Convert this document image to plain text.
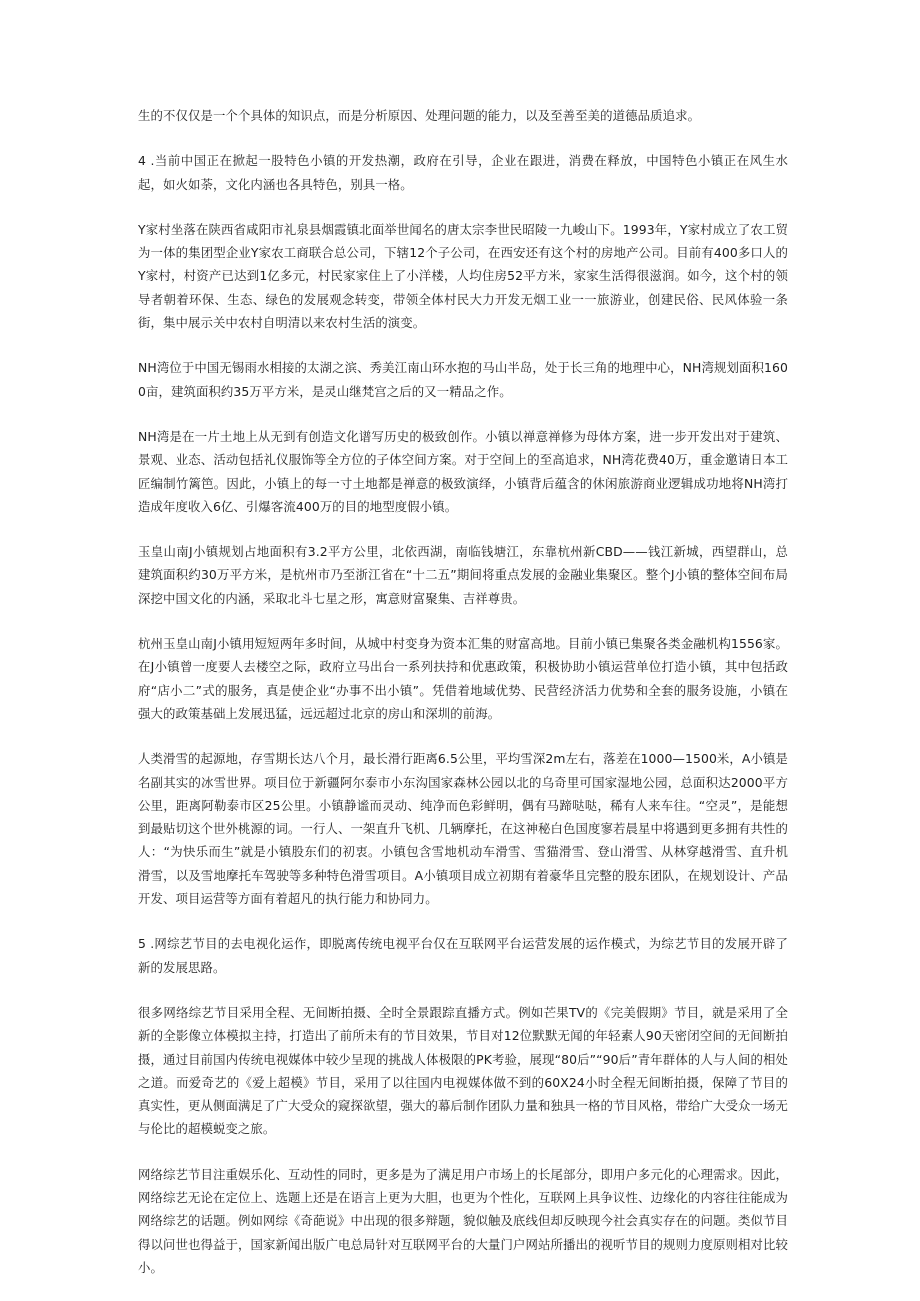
生的不仅仅是一个个具体的知识点，而是分析原因、处理问题的能力，以及至善至美的道德品质追求。

4 .当前中国正在掀起一股特色小镇的开发热潮，政府在引导，企业在跟进，消费在释放，中国特色小镇正在风生水起，如火如荼，文化内涵也各具特色，别具一格。

Y家村坐落在陕西省咸阳市礼泉县烟霞镇北面举世闻名的唐太宗李世民昭陵一九峻山下。1993年，Y家村成立了农工贸为一体的集团型企业Y家农工商联合总公司，下辖12个子公司，在西安还有这个村的房地产公司。目前有400多口人的Y家村，村资产已达到1亿多元，村民家家住上了小洋楼，人均住房52平方米，家家生活得很滋润。如今，这个村的领导者朝着环保、生态、绿色的发展观念转变，带领全体村民大力开发无烟工业一一旅游业，创建民俗、民风体验一条街，集中展示关中农村自明清以来农村生活的演变。

NH湾位于中国无锡雨水相接的太湖之滨、秀美江南山环水抱的马山半岛，处于长三角的地理中心，NH湾规划面积1600亩，建筑面积约35万平方米，是灵山继梵宫之后的又一精品之作。

NH湾是在一片土地上从无到有创造文化谱写历史的极致创作。小镇以禅意禅修为母体方案，进一步开发出对于建筑、景观、业态、活动包括礼仪服饰等全方位的子体空间方案。对于空间上的至高追求，NH湾花费40万，重金邀请日本工匠编制竹篱笆。因此，小镇上的每一寸土地都是禅意的极致演绎，小镇背后蕴含的休闲旅游商业逻辑成功地将NH湾打造成年度收入6亿、引爆客流400万的目的地型度假小镇。

玉皇山南J小镇规划占地面积有3.2平方公里，北依西湖，南临钱塘江，东靠杭州新CBD——钱江新城，西望群山，总建筑面积约30万平方米，是杭州市乃至浙江省在“十二五”期间将重点发展的金融业集聚区。整个J小镇的整体空间布局深挖中国文化的内涵，采取北斗七星之形，寓意财富聚集、吉祥尊贵。

杭州玉皇山南J小镇用短短两年多时间，从城中村变身为资本汇集的财富高地。目前小镇已集聚各类金融机构1556家。在J小镇曾一度要人去楼空之际，政府立马出台一系列扶持和优惠政策，积极协助小镇运营单位打造小镇，其中包括政府“店小二”式的服务，真是使企业“办事不出小镇”。凭借着地域优势、民营经济活力优势和全套的服务设施，小镇在强大的政策基础上发展迅猛，远远超过北京的房山和深圳的前海。

人类滑雪的起源地，存雪期长达八个月，最长滑行距离6.5公里，平均雪深2m左右，落差在1000—1500米，A小镇是名副其实的冰雪世界。项目位于新疆阿尔泰市小东沟国家森林公园以北的乌奇里可国家湿地公园，总面积达2000平方公里，距离阿勒泰市区25公里。小镇静谧而灵动、纯净而色彩鲜明，偶有马蹄哒哒，稀有人来车往。“空灵”，是能想到最贴切这个世外桃源的词。一行人、一架直升飞机、几辆摩托，在这神秘白色国度寥若晨星中将遇到更多拥有共性的人：“为快乐而生”就是小镇股东们的初衷。小镇包含雪地机动车滑雪、雪猫滑雪、登山滑雪、从林穿越滑雪、直升机滑雪，以及雪地摩托车驾驶等多种特色滑雪项目。A小镇项目成立初期有着豪华且完整的股东团队，在规划设计、产品开发、项目运营等方面有着超凡的执行能力和协同力。

5 .网综艺节目的去电视化运作，即脱离传统电视平台仅在互联网平台运营发展的运作模式，为综艺节目的发展开辟了新的发展思路。

很多网络综艺节目采用全程、无间断拍摄、全时全景跟踪直播方式。例如芒果TV的《完美假期》节目，就是采用了全新的全影像立体模拟主持，打造出了前所未有的节目效果，节目对12位默默无闻的年轻素人90天密闭空间的无间断拍摄，通过目前国内传统电视媒体中较少呈现的挑战人体极限的PK考验，展现“80后”“90后”青年群体的人与人间的相处之道。而爱奇艺的《爱上超模》节目，采用了以往国内电视媒体做不到的60X24小时全程无间断拍摄，保障了节目的真实性，更从侧面满足了广大受众的窥探欲望，强大的幕后制作团队力量和独具一格的节目风格，带给广大受众一场无与伦比的超模蜕变之旅。

网络综艺节目注重娱乐化、互动性的同时，更多是为了满足用户市场上的长尾部分，即用户多元化的心理需求。因此，网络综艺无论在定位上、选题上还是在语言上更为大胆，也更为个性化，互联网上具争议性、边缘化的内容往往能成为网络综艺的话题。例如网综《奇葩说》中出现的很多辩题，貌似触及底线但却反映现今社会真实存在的问题。类似节目得以问世也得益于，国家新闻出版广电总局针对互联网平台的大量门户网站所播出的视听节目的规则力度原则相对比较小。
